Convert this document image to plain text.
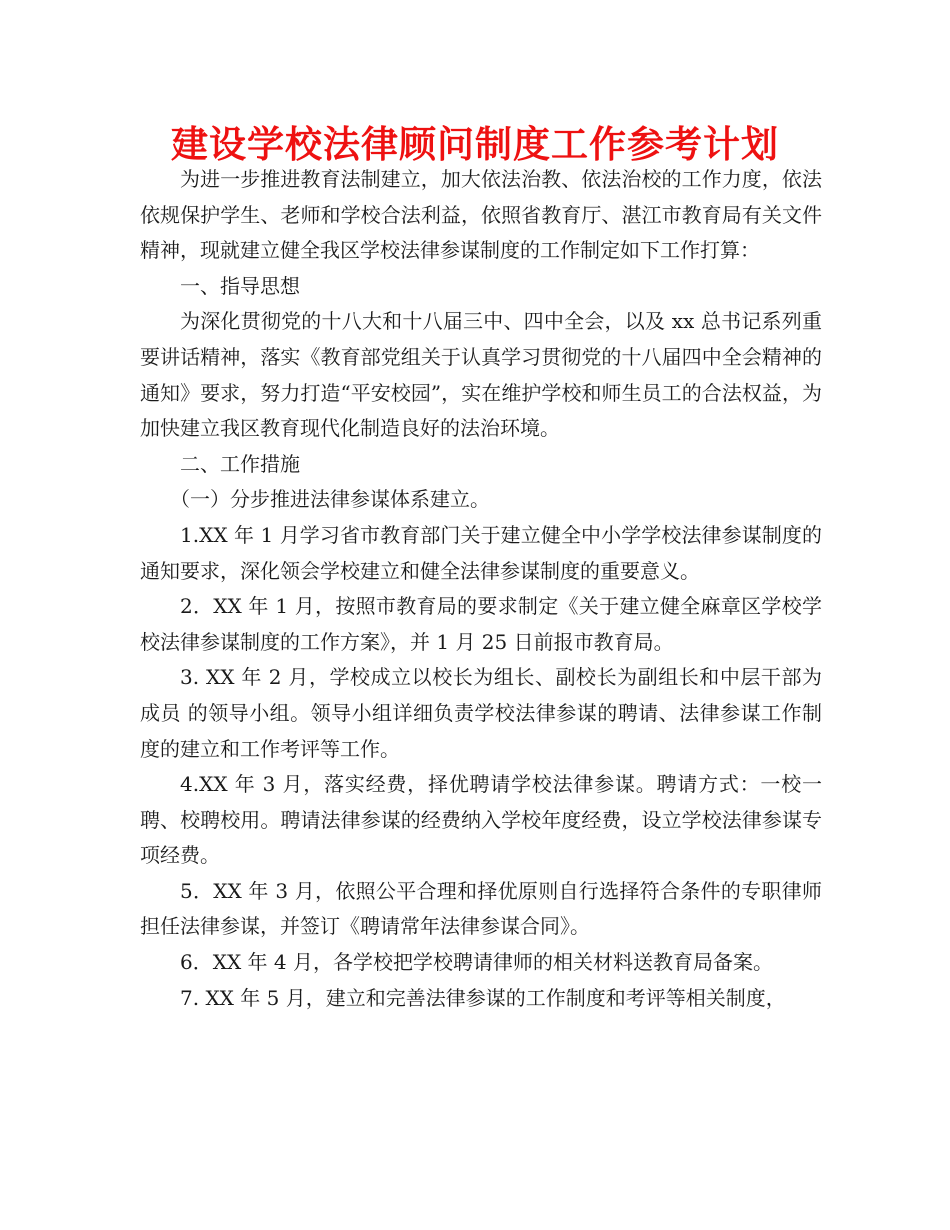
建设学校法律顾问制度工作参考计划

为进一步推进教育法制建立，加大依法治教、依法治校的工作力度，依法依规保护学生、老师和学校合法利益，依照省教育厅、湛江市教育局有关文件精神，现就建立健全我区学校法律参谋制度的工作制定如下工作打算：

一、指导思想

为深化贯彻党的十八大和十八届三中、四中全会，以及 xx 总书记系列重要讲话精神，落实《教育部党组关于认真学习贯彻党的十八届四中全会精神的通知》要求，努力打造“平安校园”，实在维护学校和师生员工的合法权益，为加快建立我区教育现代化制造良好的法治环境。

二、工作措施

（一）分步推进法律参谋体系建立。

1.XX 年 1 月学习省市教育部门关于建立健全中小学学校法律参谋制度的通知要求，深化领会学校建立和健全法律参谋制度的重要意义。

2．XX 年 1 月，按照市教育局的要求制定《关于建立健全麻章区学校学校法律参谋制度的工作方案》，并 1 月 25 日前报市教育局。

3. XX 年 2 月，学校成立以校长为组长、副校长为副组长和中层干部为成员 的领导小组。领导小组详细负责学校法律参谋的聘请、法律参谋工作制度的建立和工作考评等工作。

4.XX 年 3 月，落实经费，择优聘请学校法律参谋。聘请方式：一校一聘、校聘校用。聘请法律参谋的经费纳入学校年度经费，设立学校法律参谋专项经费。

5．XX 年 3 月，依照公平合理和择优原则自行选择符合条件的专职律师担任法律参谋，并签订《聘请常年法律参谋合同》。

6．XX 年 4 月，各学校把学校聘请律师的相关材料送教育局备案。

7. XX 年 5 月，建立和完善法律参谋的工作制度和考评等相关制度，
